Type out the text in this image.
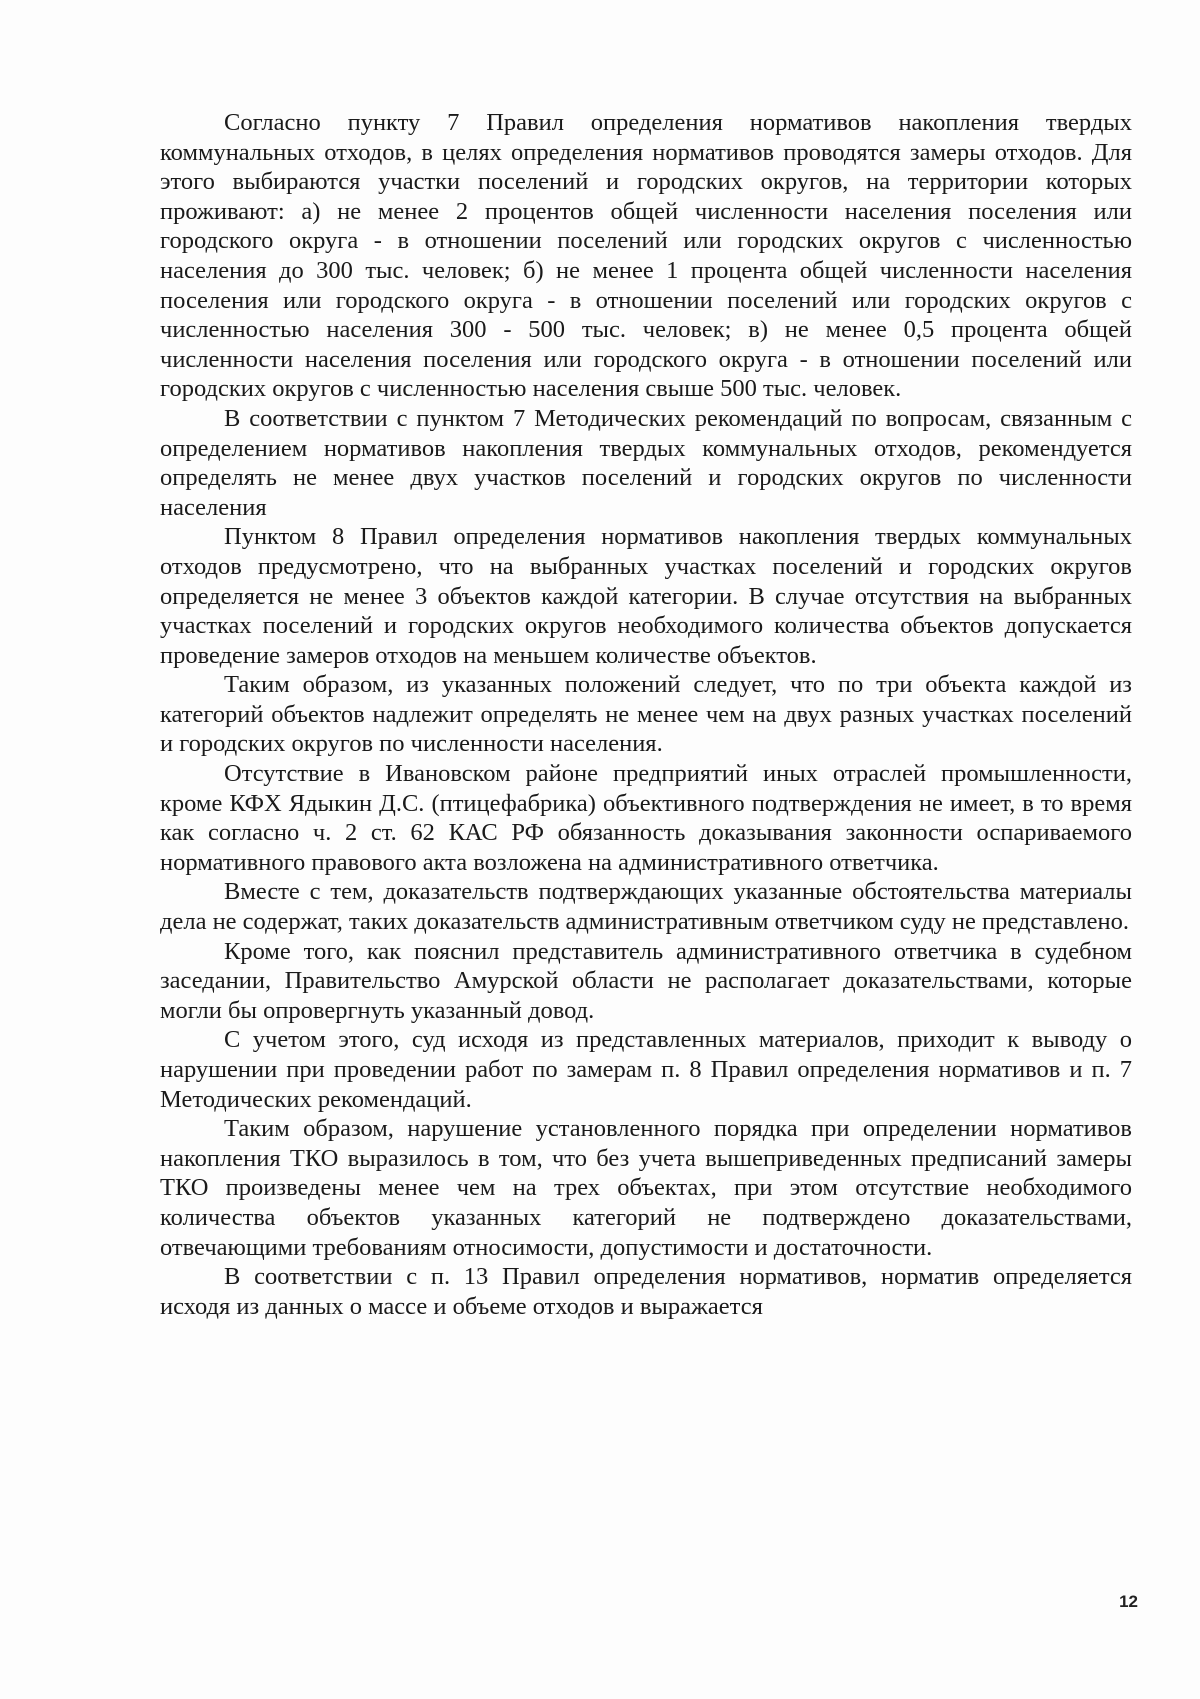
Согласно пункту 7 Правил определения нормативов накопления твердых коммунальных отходов, в целях определения нормативов проводятся замеры отходов. Для этого выбираются участки поселений и городских округов, на территории которых проживают: а) не менее 2 процентов общей численности населения поселения или городского округа - в отношении поселений или городских округов с численностью населения до 300 тыс. человек; б) не менее 1 процента общей численности населения поселения или городского округа - в отношении поселений или городских округов с численностью населения 300 - 500 тыс. человек; в) не менее 0,5 процента общей численности населения поселения или городского округа - в отношении поселений или городских округов с численностью населения свыше 500 тыс. человек.

В соответствии с пунктом 7 Методических рекомендаций по вопросам, связанным с определением нормативов накопления твердых коммунальных отходов, рекомендуется определять не менее двух участков поселений и городских округов по численности населения

Пунктом 8 Правил определения нормативов накопления твердых коммунальных отходов предусмотрено, что на выбранных участках поселений и городских округов определяется не менее 3 объектов каждой категории. В случае отсутствия на выбранных участках поселений и городских округов необходимого количества объектов допускается проведение замеров отходов на меньшем количестве объектов.

Таким образом, из указанных положений следует, что по три объекта каждой из категорий объектов надлежит определять не менее чем на двух разных участках поселений и городских округов по численности населения.

Отсутствие в Ивановском районе предприятий иных отраслей промышленности, кроме КФХ Ядыкин Д.С. (птицефабрика) объективного подтверждения не имеет, в то время как согласно ч. 2 ст. 62 КАС РФ обязанность доказывания законности оспариваемого нормативного правового акта возложена на административного ответчика.

Вместе с тем, доказательств подтверждающих указанные обстоятельства материалы дела не содержат, таких доказательств административным ответчиком суду не представлено.

Кроме того, как пояснил представитель административного ответчика в судебном заседании, Правительство Амурской области не располагает доказательствами, которые могли бы опровергнуть указанный довод.

С учетом этого, суд исходя из представленных материалов, приходит к выводу о нарушении при проведении работ по замерам п. 8 Правил определения нормативов и п. 7 Методических рекомендаций.

Таким образом, нарушение установленного порядка при определении нормативов накопления ТКО выразилось в том, что без учета вышеприведенных предписаний замеры ТКО произведены менее чем на трех объектах, при этом отсутствие необходимого количества объектов указанных категорий не подтверждено доказательствами, отвечающими требованиям относимости, допустимости и достаточности.

В соответствии с п. 13 Правил определения нормативов, норматив определяется исходя из данных о массе и объеме отходов и выражается

12
